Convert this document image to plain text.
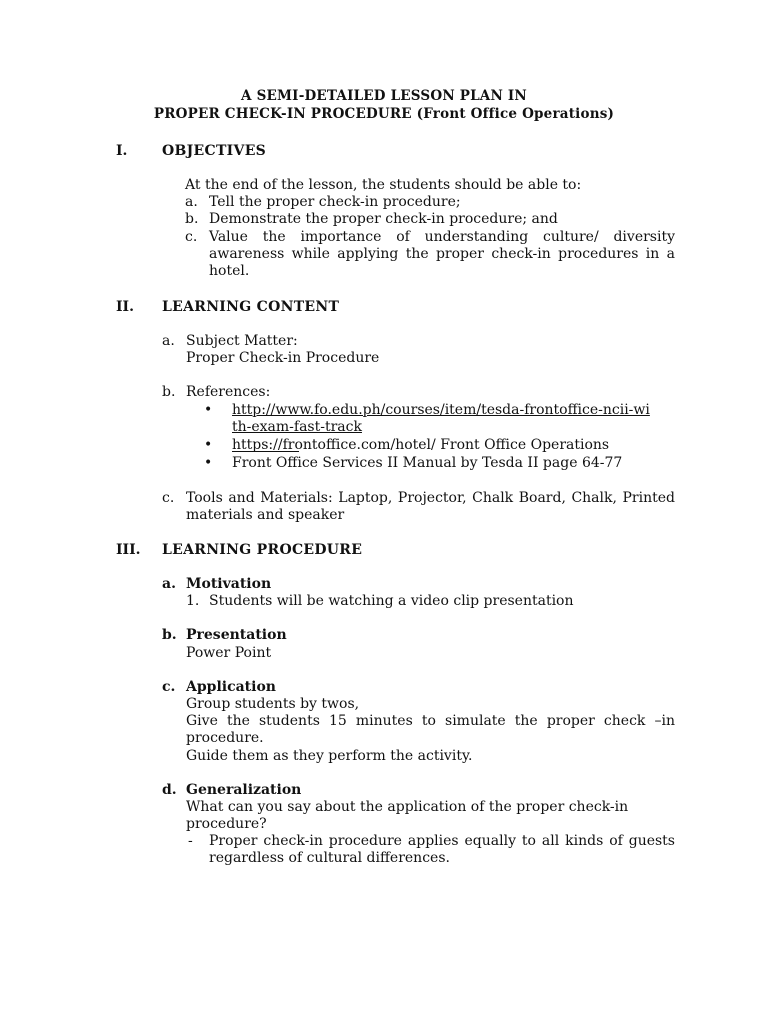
A SEMI-DETAILED LESSON PLAN IN
PROPER CHECK-IN PROCEDURE (Front Office Operations)
I. OBJECTIVES
At the end of the lesson, the students should be able to:
a. Tell the proper check-in procedure;
b. Demonstrate the proper check-in procedure; and
c. Value the importance of understanding culture/ diversity awareness while applying the proper check-in procedures in a hotel.
II. LEARNING CONTENT
a. Subject Matter:
Proper Check-in Procedure
b. References:
• http://www.fo.edu.ph/courses/item/tesda-frontoffice-ncii-with-exam-fast-track
• https://frontoffice.com/hotel/ Front Office Operations
• Front Office Services II Manual by Tesda II page 64-77
c. Tools and Materials: Laptop, Projector, Chalk Board, Chalk, Printed materials and speaker
III. LEARNING PROCEDURE
a. Motivation
1. Students will be watching a video clip presentation
b. Presentation
Power Point
c. Application
Group students by twos,
Give the students 15 minutes to simulate the proper check –in procedure.
Guide them as they perform the activity.
d. Generalization
What can you say about the application of the proper check-in procedure?
- Proper check-in procedure applies equally to all kinds of guests regardless of cultural differences.
